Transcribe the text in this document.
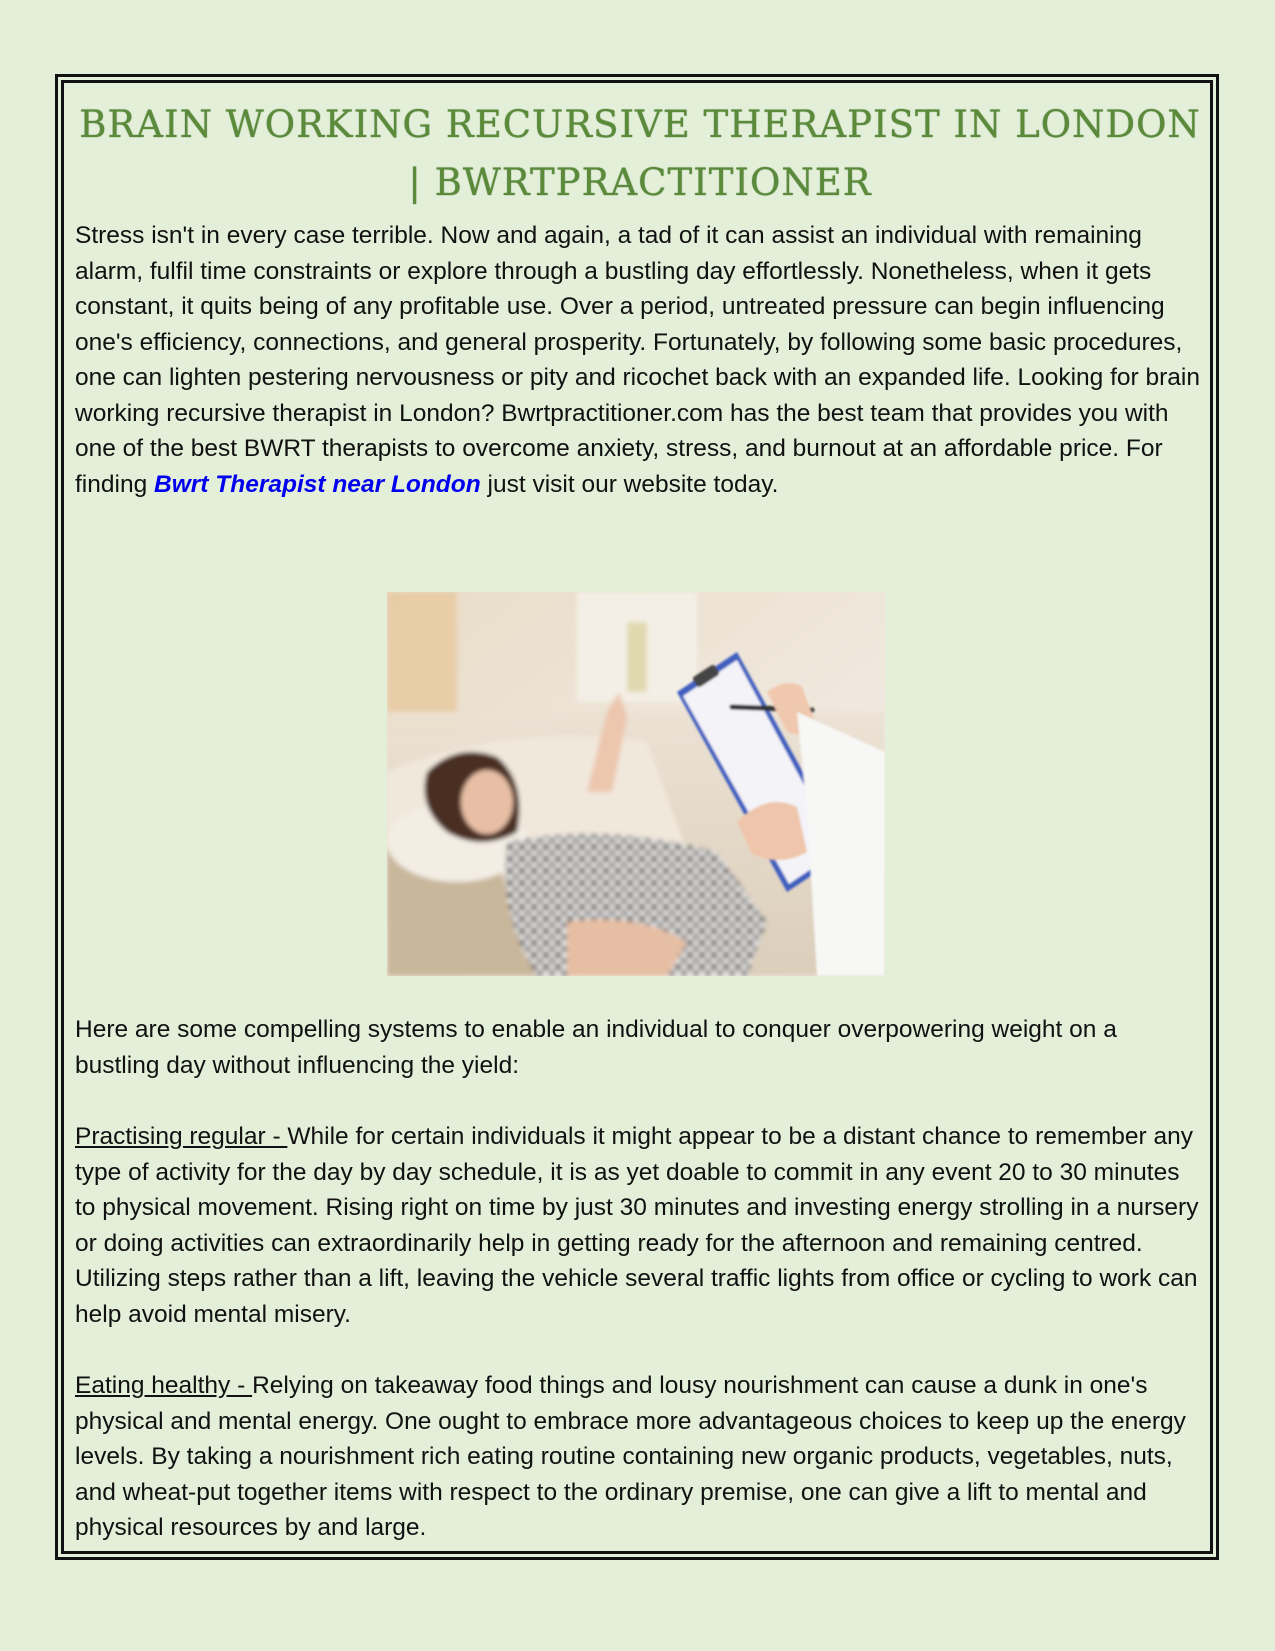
BRAIN WORKING RECURSIVE THERAPIST IN LONDON | BWRTPRACTITIONER

Stress isn't in every case terrible. Now and again, a tad of it can assist an individual with remaining alarm, fulfil time constraints or explore through a bustling day effortlessly. Nonetheless, when it gets constant, it quits being of any profitable use. Over a period, untreated pressure can begin influencing one's efficiency, connections, and general prosperity. Fortunately, by following some basic procedures, one can lighten pestering nervousness or pity and ricochet back with an expanded life. Looking for brain working recursive therapist in London? Bwrtpractitioner.com has the best team that provides you with one of the best BWRT therapists to overcome anxiety, stress, and burnout at an affordable price. For finding Bwrt Therapist near London just visit our website today.

Here are some compelling systems to enable an individual to conquer overpowering weight on a bustling day without influencing the yield:

Practising regular - While for certain individuals it might appear to be a distant chance to remember any type of activity for the day by day schedule, it is as yet doable to commit in any event 20 to 30 minutes to physical movement. Rising right on time by just 30 minutes and investing energy strolling in a nursery or doing activities can extraordinarily help in getting ready for the afternoon and remaining centred. Utilizing steps rather than a lift, leaving the vehicle several traffic lights from office or cycling to work can help avoid mental misery.

Eating healthy - Relying on takeaway food things and lousy nourishment can cause a dunk in one's physical and mental energy. One ought to embrace more advantageous choices to keep up the energy levels. By taking a nourishment rich eating routine containing new organic products, vegetables, nuts, and wheat-put together items with respect to the ordinary premise, one can give a lift to mental and physical resources by and large.
